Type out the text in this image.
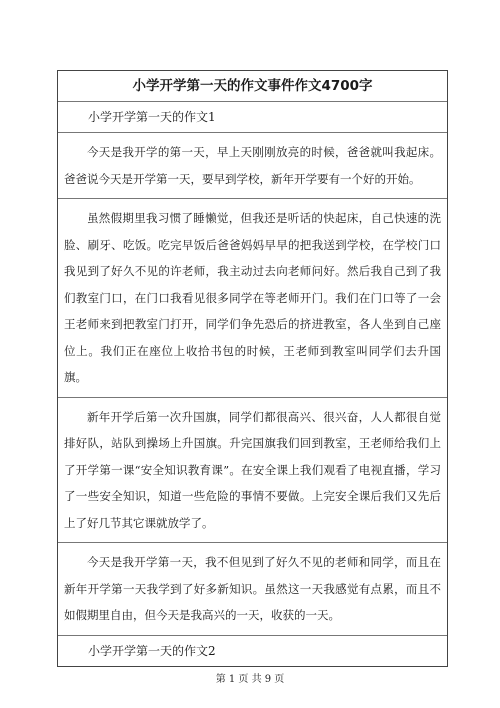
小学开学第一天的作文事件作文4700字
小学开学第一天的作文1
今天是我开学的第一天，早上天刚刚放亮的时候，爸爸就叫我起床。爸爸说今天是开学第一天，要早到学校，新年开学要有一个好的开始。
虽然假期里我习惯了睡懒觉，但我还是听话的快起床，自己快速的洗脸、刷牙、吃饭。吃完早饭后爸爸妈妈早早的把我送到学校，在学校门口我见到了好久不见的许老师，我主动过去向老师问好。然后我自己到了我们教室门口，在门口我看见很多同学在等老师开门。我们在门口等了一会王老师来到把教室门打开，同学们争先恐后的挤进教室，各人坐到自己座位上。我们正在座位上收拾书包的时候，王老师到教室叫同学们去升国旗。
新年开学后第一次升国旗，同学们都很高兴、很兴奋，人人都很自觉排好队，站队到操场上升国旗。升完国旗我们回到教室，王老师给我们上了开学第一课“安全知识教育课”。在安全课上我们观看了电视直播，学习了一些安全知识，知道一些危险的事情不要做。上完安全课后我们又先后上了好几节其它课就放学了。
今天是我开学第一天，我不但见到了好久不见的老师和同学，而且在新年开学第一天我学到了好多新知识。虽然这一天我感觉有点累，而且不如假期里自由，但今天是我高兴的一天，收获的一天。
小学开学第一天的作文2
第 1 页 共 9 页
